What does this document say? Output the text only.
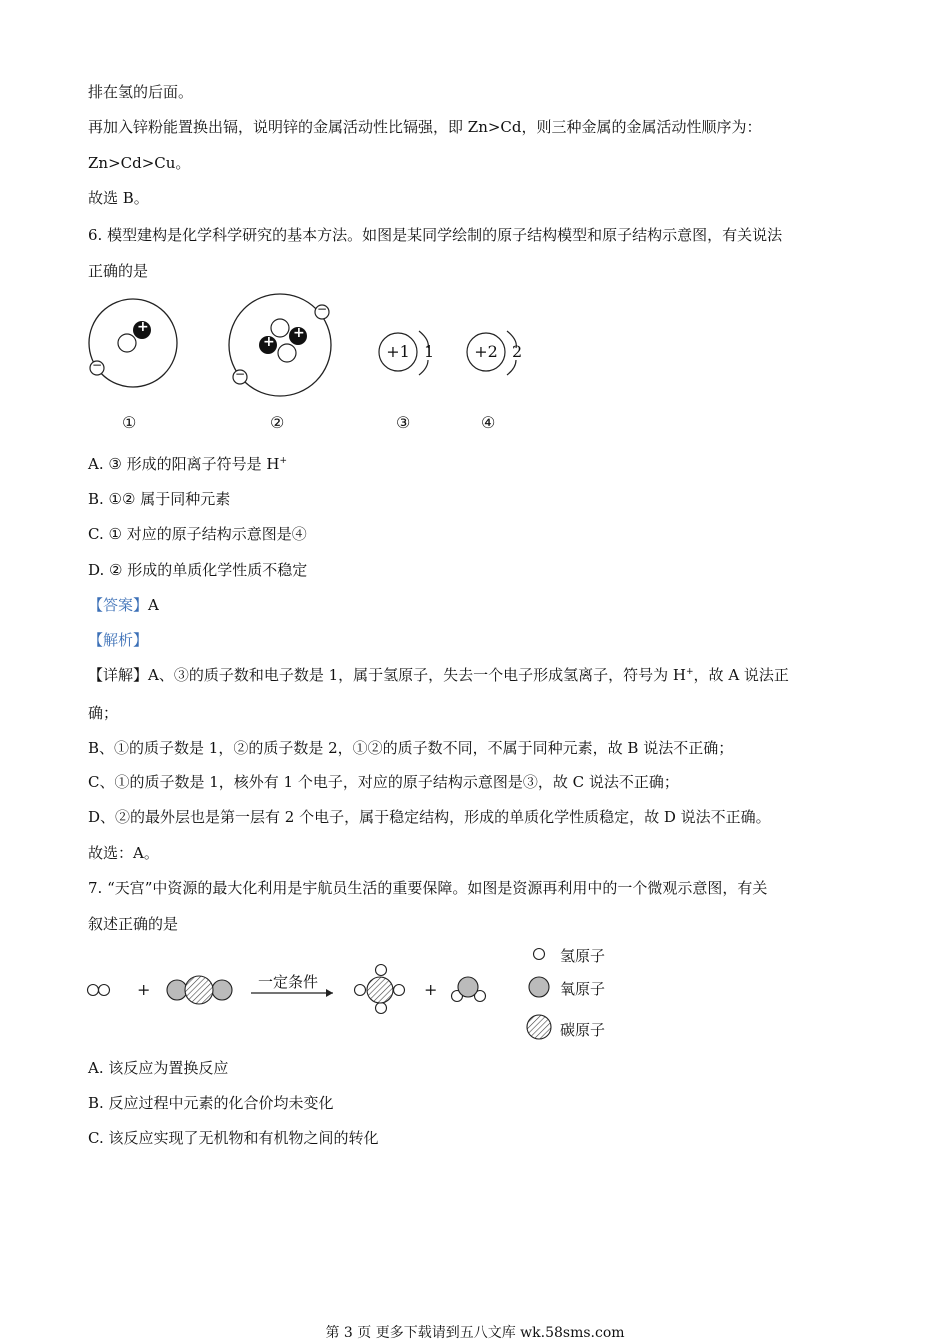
排在氢的后面。
再加入锌粉能置换出镉，说明锌的金属活动性比镉强，即 Zn>Cd，则三种金属的金属活动性顺序为：
Zn>Cd>Cu。
故选 B。
6. 模型建构是化学科学研究的基本方法。如图是某同学绘制的原子结构模型和原子结构示意图，有关说法
正确的是
+
−
+
+
−
−
+1 1	+2 2
①	②	③	④
A. ③ 形成的阳离子符号是 H+
B. ①② 属于同种元素
C. ① 对应的原子结构示意图是④
D. ② 形成的单质化学性质不稳定
【答案】A
【解析】
【详解】A、③的质子数和电子数是 1，属于氢原子，失去一个电子形成氢离子，符号为 H+，故 A 说法正
确；
B、①的质子数是 1，②的质子数是 2，①②的质子数不同，不属于同种元素，故 B 说法不正确；
C、①的质子数是 1，核外有 1 个电子，对应的原子结构示意图是③，故 C 说法不正确；
D、②的最外层也是第一层有 2 个电子，属于稳定结构，形成的单质化学性质稳定，故 D 说法不正确。
故选：A。
7. “天宫”中资源的最大化利用是宇航员生活的重要保障。如图是资源再利用中的一个微观示意图，有关
叙述正确的是
+	+
一定条件
氢原子
氧原子
碳原子
A. 该反应为置换反应
B. 反应过程中元素的化合价均未变化
C. 该反应实现了无机物和有机物之间的转化
第 3 页 更多下载请到五八文库 wk.58sms.com
